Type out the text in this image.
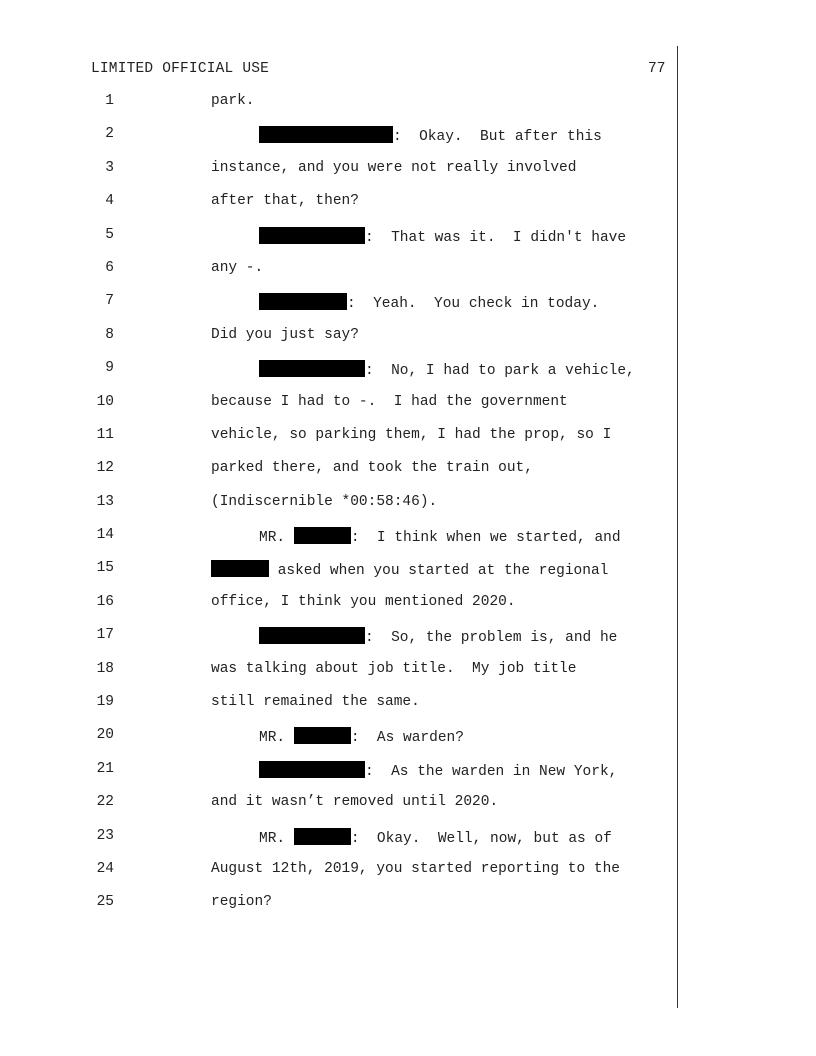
LIMITED OFFICIAL USE	77

1

	park.

2

	:  Okay.  But after this

3

	instance, and you were not really involved

4

	after that, then?

5

	:  That was it.  I didn't have

6

	any -.

7

	:  Yeah.  You check in today.

8

	Did you just say?

9

	:  No, I had to park a vehicle,

10

	because I had to -.  I had the government

11

	vehicle, so parking them, I had the prop, so I

12

	parked there, and took the train out,

13

	(Indiscernible *00:58:46).

14

	MR.	:  I think when we started, and

15

	asked when you started at the regional

16

	office, I think you mentioned 2020.

17

	:  So, the problem is, and he

18

	was talking about job title.  My job title

19

	still remained the same.

20

	MR.	:  As warden?

21

	:  As the warden in New York,

22

	and it wasn’t removed until 2020.

23

	MR.	:  Okay.  Well, now, but as of

24

	August 12th, 2019, you started reporting to the

25

	region?
